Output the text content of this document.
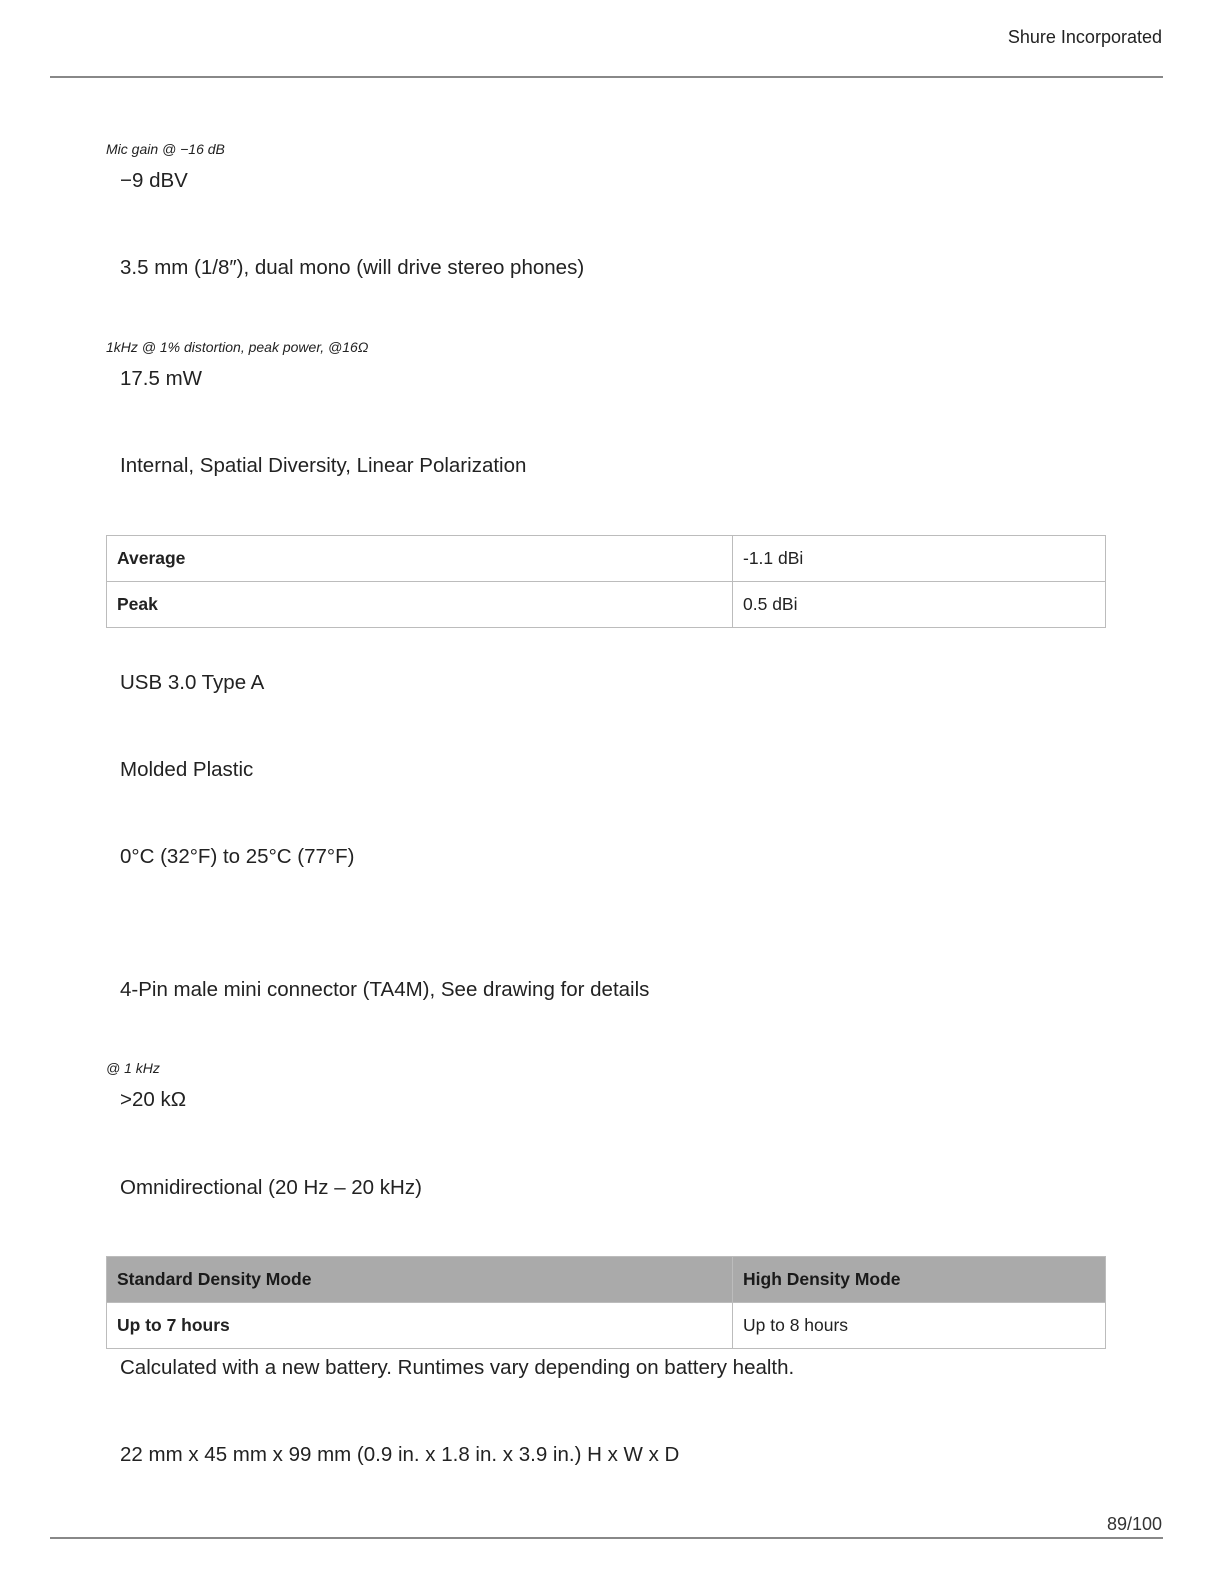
Shure Incorporated
Mic gain @ −16 dB
−9 dBV
3.5 mm (1/8″), dual mono (will drive stereo phones)
1kHz @ 1% distortion, peak power, @16Ω
17.5 mW
Internal, Spatial Diversity, Linear Polarization
Average	-1.1 dBi
Peak	0.5 dBi
USB 3.0 Type A
Molded Plastic
0°C (32°F) to 25°C (77°F)
4-Pin male mini connector (TA4M), See drawing for details
@ 1 kHz
>20 kΩ
Omnidirectional (20 Hz – 20 kHz)
Standard Density Mode	High Density Mode
Up to 7 hours	Up to 8 hours
Calculated with a new battery. Runtimes vary depending on battery health.
22 mm x 45 mm x 99 mm (0.9 in. x 1.8 in. x 3.9 in.) H x W x D
89/100
